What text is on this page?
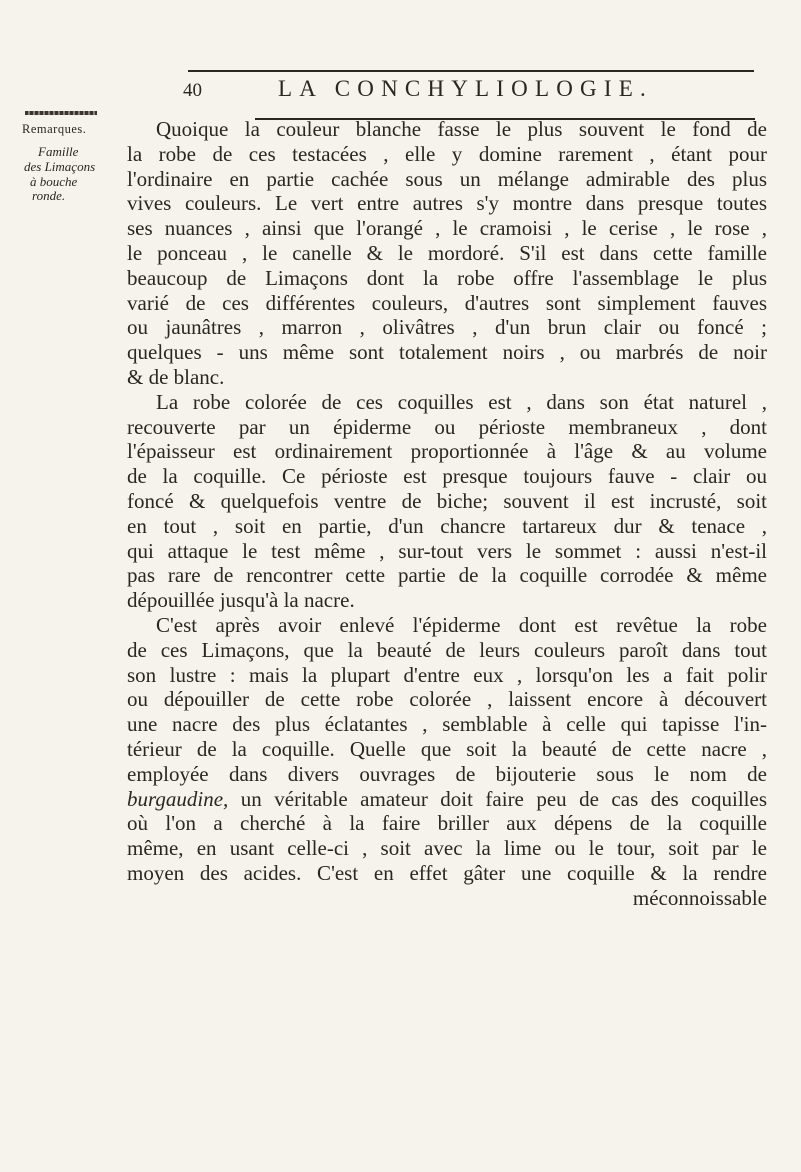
40	LA CONCHYLIOLOGIE.
Remarques.
Famille
des Limaçons
à bouche
ronde.
Quoique la couleur blanche fasse le plus souvent le fond de
la robe de ces testacées , elle y domine rarement , étant pour
l'ordinaire en partie cachée sous un mélange admirable des plus
vives couleurs. Le vert entre autres s'y montre dans presque toutes
ses nuances , ainsi que l'orangé , le cramoisi , le cerise , le rose ,
le ponceau , le canelle & le mordoré. S'il est dans cette famille
beaucoup de Limaçons dont la robe offre l'assemblage le plus
varié de ces différentes couleurs, d'autres sont simplement fauves
ou jaunâtres , marron , olivâtres , d'un brun clair ou foncé ;
quelques - uns même sont totalement noirs , ou marbrés de noir
& de blanc.
La robe colorée de ces coquilles est , dans son état naturel ,
recouverte par un épiderme ou périoste membraneux , dont
l'épaisseur est ordinairement proportionnée à l'âge & au volume
de la coquille. Ce périoste est presque toujours fauve - clair ou
foncé & quelquefois ventre de biche; souvent il est incrusté, soit
en tout , soit en partie, d'un chancre tartareux dur & tenace ,
qui attaque le test même , sur-tout vers le sommet : aussi n'est-il
pas rare de rencontrer cette partie de la coquille corrodée & même
dépouillée jusqu'à la nacre.
C'est après avoir enlevé l'épiderme dont est revêtue la robe
de ces Limaçons, que la beauté de leurs couleurs paroît dans tout
son lustre : mais la plupart d'entre eux , lorsqu'on les a fait polir
ou dépouiller de cette robe colorée , laissent encore à découvert
une nacre des plus éclatantes , semblable à celle qui tapisse l'in-
térieur de la coquille. Quelle que soit la beauté de cette nacre ,
employée dans divers ouvrages de bijouterie sous le nom de
burgaudine, un véritable amateur doit faire peu de cas des coquilles
où l'on a cherché à la faire briller aux dépens de la coquille
même, en usant celle-ci , soit avec la lime ou le tour, soit par le
moyen des acides. C'est en effet gâter une coquille & la rendre
méconnoissable
